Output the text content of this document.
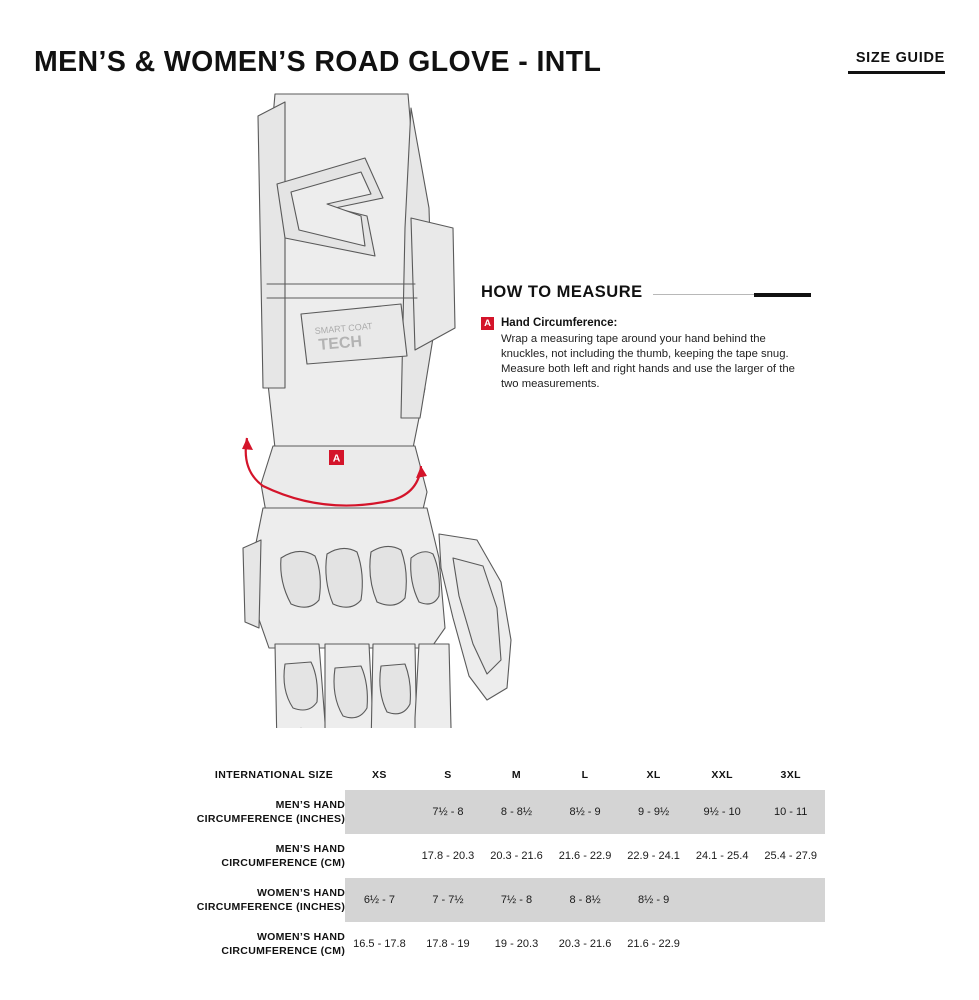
MEN’S & WOMEN’S ROAD GLOVE - INTL	SIZE GUIDE
SMART COAT
TECH
A
HOW TO MEASURE
A Hand Circumference:
Wrap a measuring tape around your hand behind the knuckles, not including the thumb, keeping the tape snug. Measure both left and right hands and use the larger of the two measurements.
INTERNATIONAL SIZE	XS	S	M	L	XL	XXL	3XL

MEN’S HAND
CIRCUMFERENCE (INCHES)		7½ - 8	8 - 8½	8½ - 9	9 - 9½	9½ - 10	10 - 11

MEN’S HAND
CIRCUMFERENCE (CM)		17.8 - 20.3	20.3 - 21.6	21.6 - 22.9	22.9 - 24.1	24.1 - 25.4	25.4 - 27.9

WOMEN’S HAND
CIRCUMFERENCE (INCHES)	6½ - 7	7 - 7½	7½ - 8	8 - 8½	8½ - 9		

WOMEN’S HAND
CIRCUMFERENCE (CM)	16.5 - 17.8	17.8 - 19	19 - 20.3	20.3 - 21.6	21.6 - 22.9		
